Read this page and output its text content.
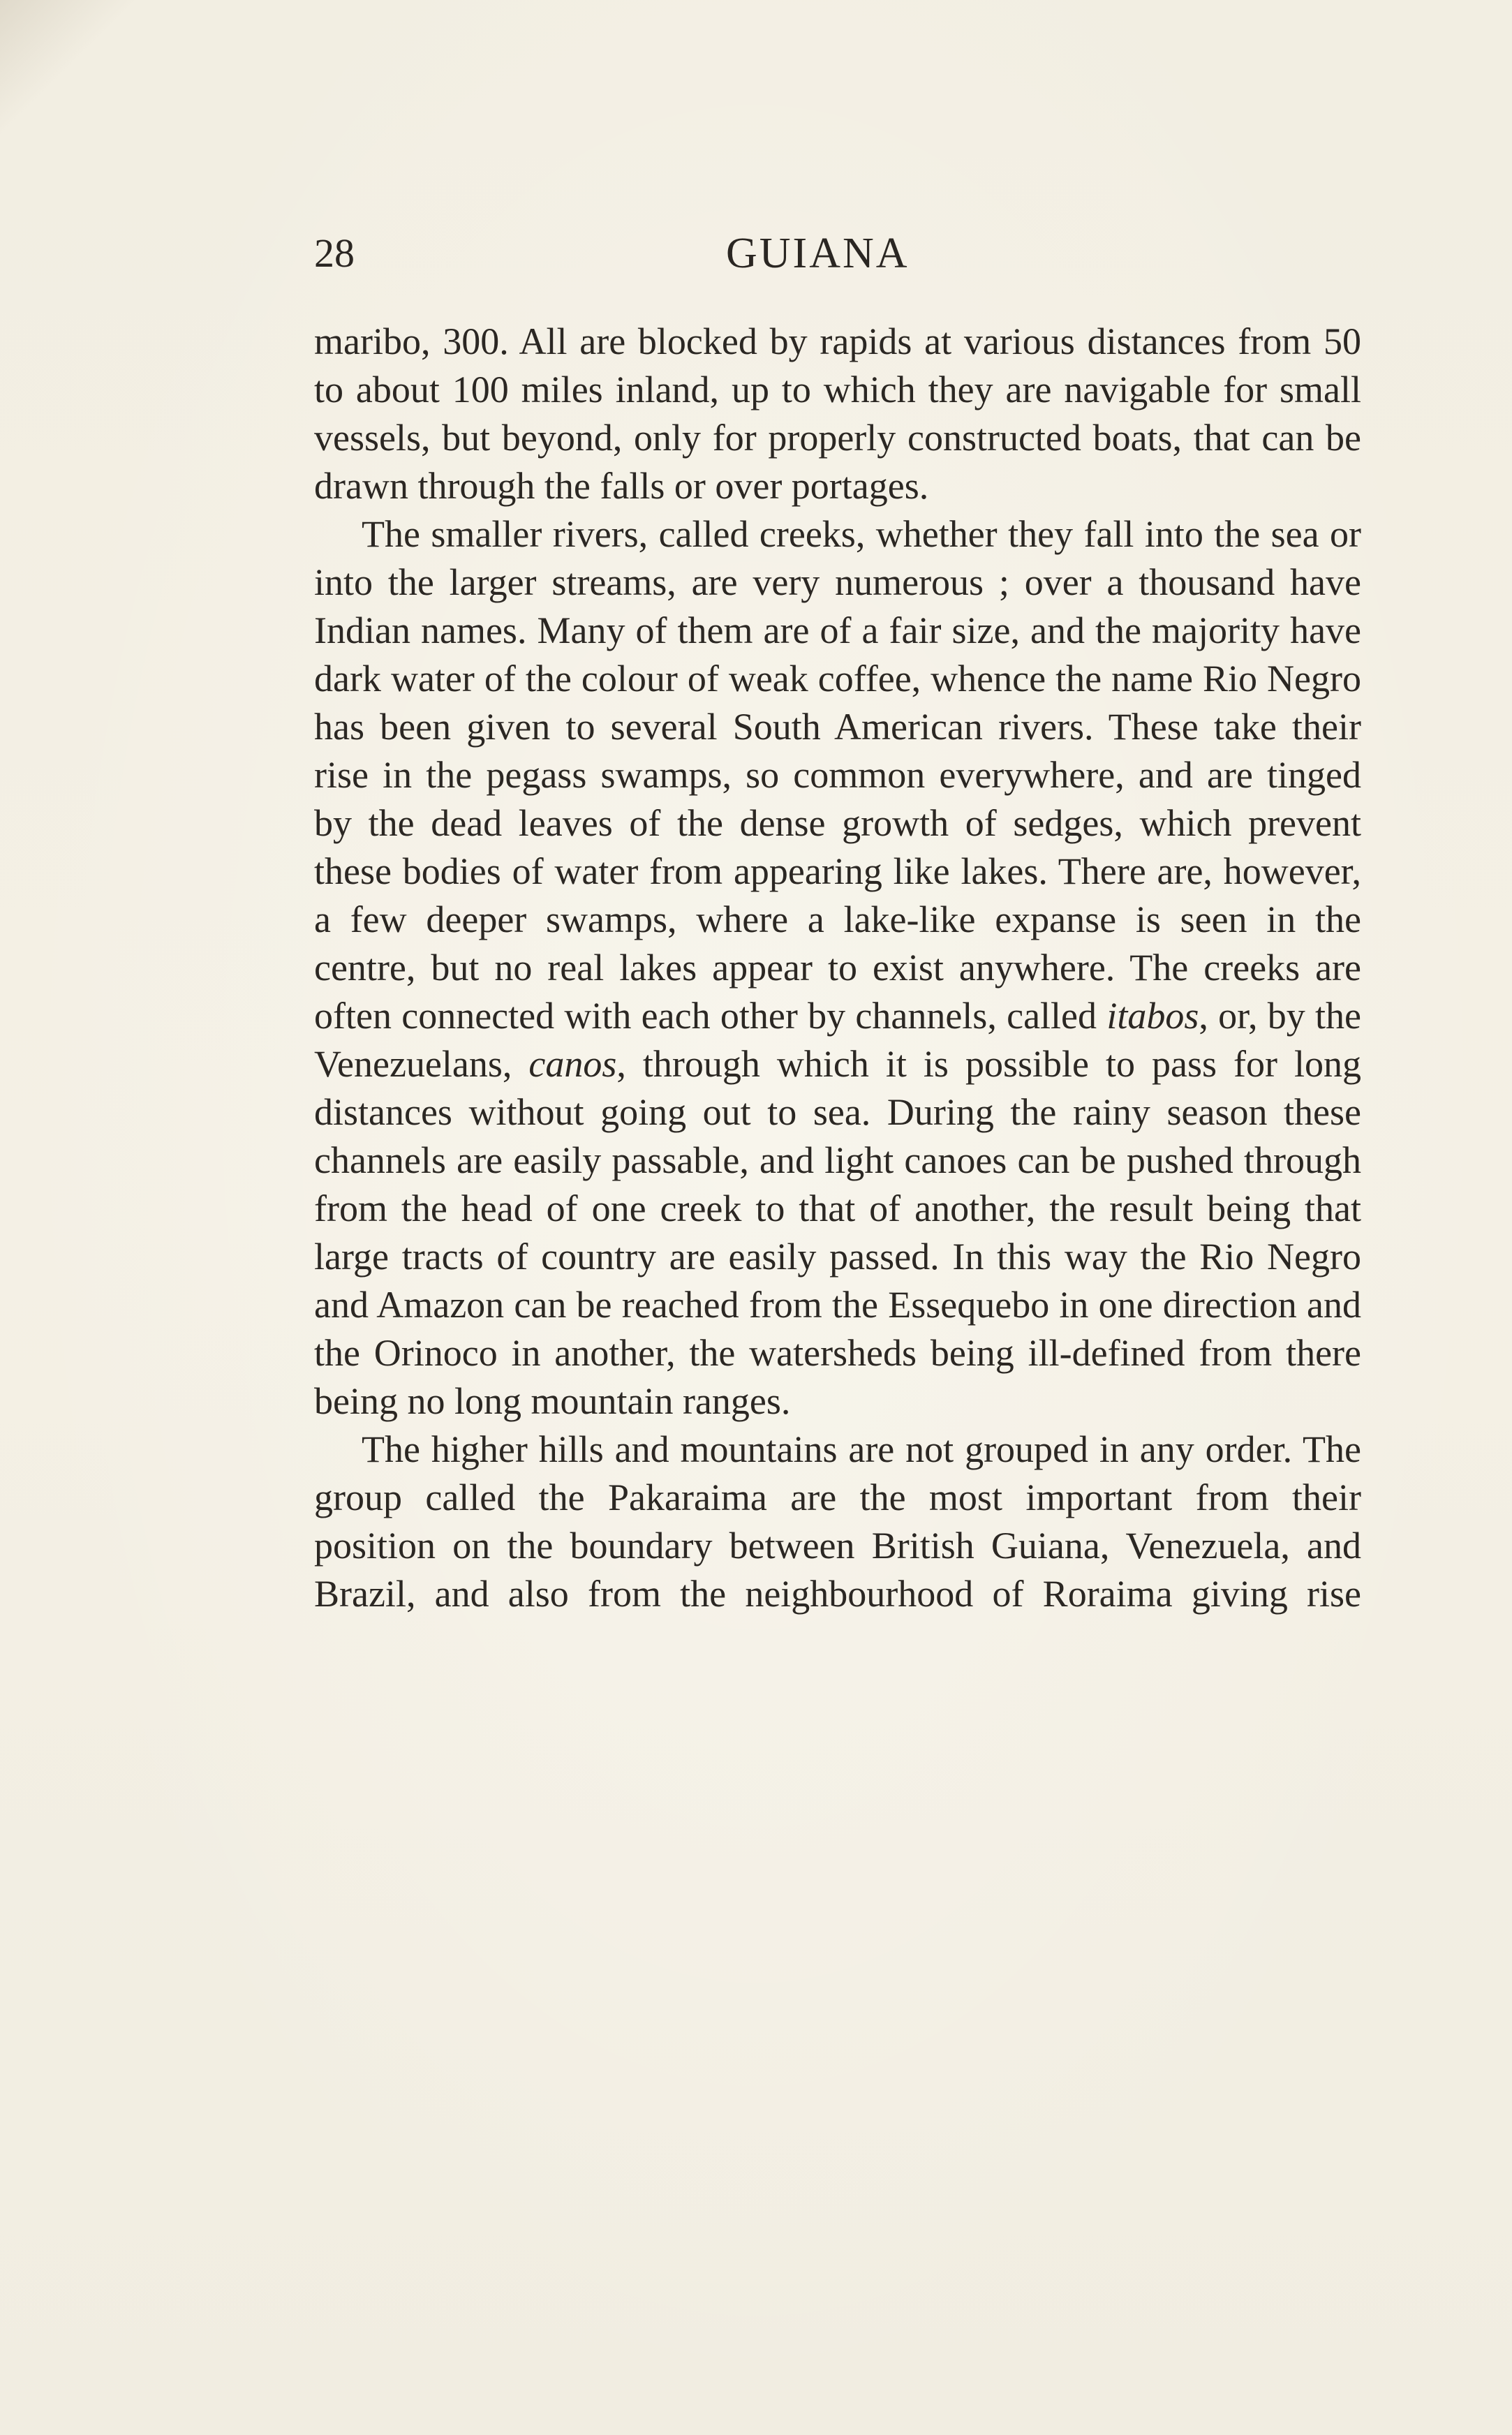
28	GUIANA

maribo, 300. All are blocked by rapids at various distances from 50 to about 100 miles inland, up to which they are navigable for small vessels, but beyond, only for properly constructed boats, that can be drawn through the falls or over portages.

The smaller rivers, called creeks, whether they fall into the sea or into the larger streams, are very numerous ; over a thousand have Indian names. Many of them are of a fair size, and the majority have dark water of the colour of weak coffee, whence the name Rio Negro has been given to several South American rivers. These take their rise in the pegass swamps, so common everywhere, and are tinged by the dead leaves of the dense growth of sedges, which prevent these bodies of water from appearing like lakes. There are, however, a few deeper swamps, where a lake-like expanse is seen in the centre, but no real lakes appear to exist anywhere. The creeks are often connected with each other by channels, called itabos, or, by the Venezuelans, canos, through which it is possible to pass for long distances without going out to sea. During the rainy season these channels are easily passable, and light canoes can be pushed through from the head of one creek to that of another, the result being that large tracts of country are easily passed. In this way the Rio Negro and Amazon can be reached from the Essequebo in one direction and the Orinoco in another, the watersheds being ill-defined from there being no long mountain ranges.

The higher hills and mountains are not grouped in any order. The group called the Pakaraima are the most important from their position on the boundary between British Guiana, Venezuela, and Brazil, and also from the neighbourhood of Roraima giving rise
